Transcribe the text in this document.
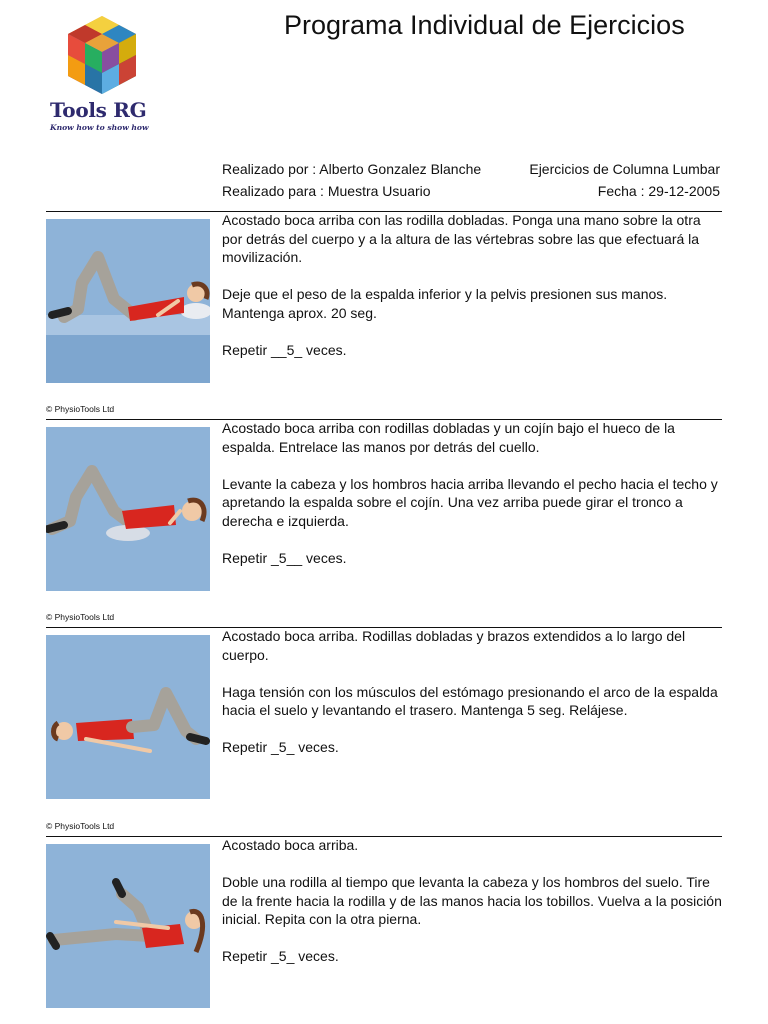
Tools RG
Know how to show how
Programa Individual de Ejercicios
Realizado por : Alberto Gonzalez Blanche	Ejercicios de Columna Lumbar
Realizado para : Muestra Usuario	Fecha : 29-12-2005

Acostado boca arriba con las rodilla dobladas. Ponga una mano sobre la otra por detrás del cuerpo y a la altura de las vértebras sobre las que efectuará la movilización.

Deje que el peso de la espalda inferior y la pelvis presionen sus manos. Mantenga aprox. 20 seg.

Repetir __5_ veces.

© PhysioTools Ltd

Acostado boca arriba con rodillas dobladas y un cojín bajo el hueco de la espalda. Entrelace las manos por detrás del cuello.

Levante la cabeza y los hombros hacia arriba llevando el pecho hacia el techo y apretando la espalda sobre el cojín. Una vez arriba puede girar el tronco a derecha e izquierda.

Repetir _5__ veces.

© PhysioTools Ltd

Acostado boca arriba. Rodillas dobladas y brazos extendidos a lo largo del cuerpo.

Haga tensión con los músculos del estómago presionando el arco de la espalda hacia el suelo y levantando el trasero. Mantenga 5 seg. Relájese.

Repetir _5_ veces.

© PhysioTools Ltd

Acostado boca arriba.

Doble una rodilla al tiempo que levanta la cabeza y los hombros del suelo. Tire de la frente hacia la rodilla y de las manos hacia los tobillos. Vuelva a la posición inicial. Repita con la otra pierna.

Repetir _5_ veces.
